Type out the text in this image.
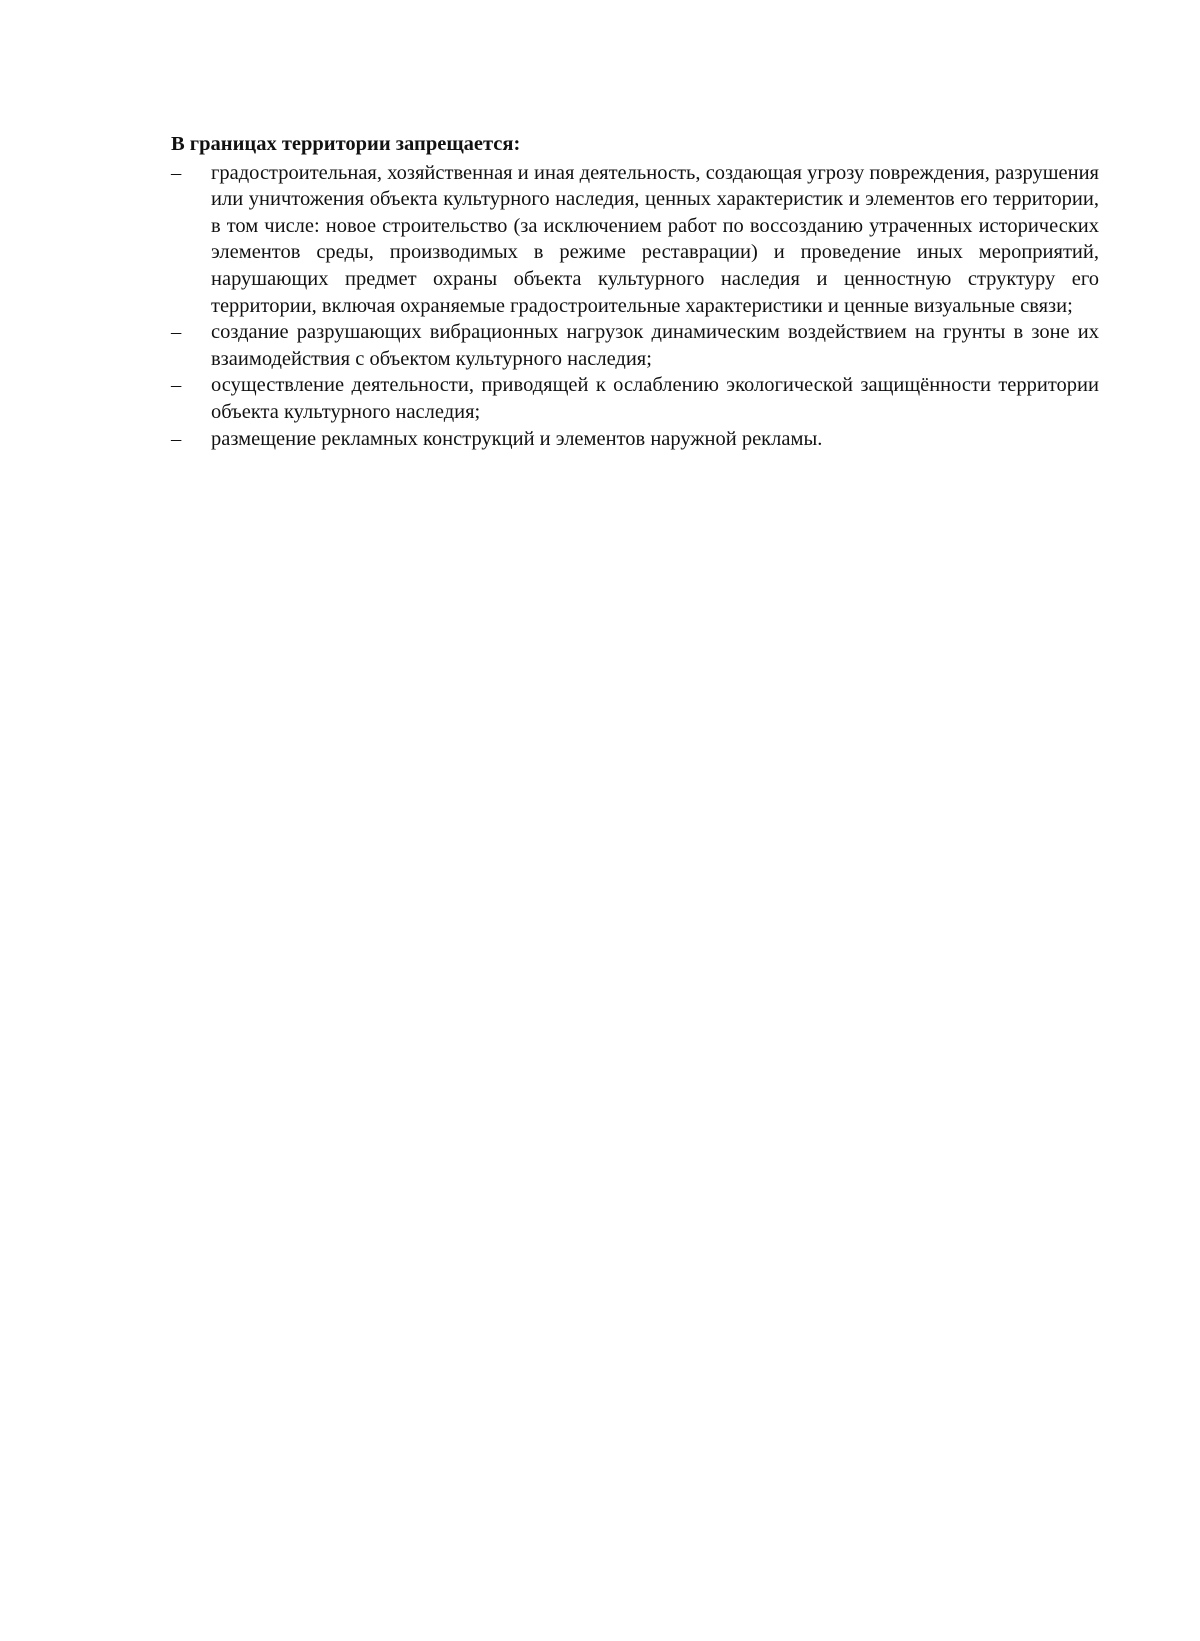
В границах территории запрещается:

– градостроительная, хозяйственная и иная деятельность, создающая угрозу повреждения, разрушения или уничтожения объекта культурного наследия, ценных характеристик и элементов его территории, в том числе: новое строительство (за исключением работ по воссозданию утраченных исторических элементов среды, производимых в режиме реставрации) и проведение иных мероприятий, нарушающих предмет охраны объекта культурного наследия и ценностную структуру его территории, включая охраняемые градостроительные характеристики и ценные визуальные связи;
– создание разрушающих вибрационных нагрузок динамическим воздействием на грунты в зоне их взаимодействия с объектом культурного наследия;
– осуществление деятельности, приводящей к ослаблению экологической защищённости территории объекта культурного наследия;
– размещение рекламных конструкций и элементов наружной рекламы.
